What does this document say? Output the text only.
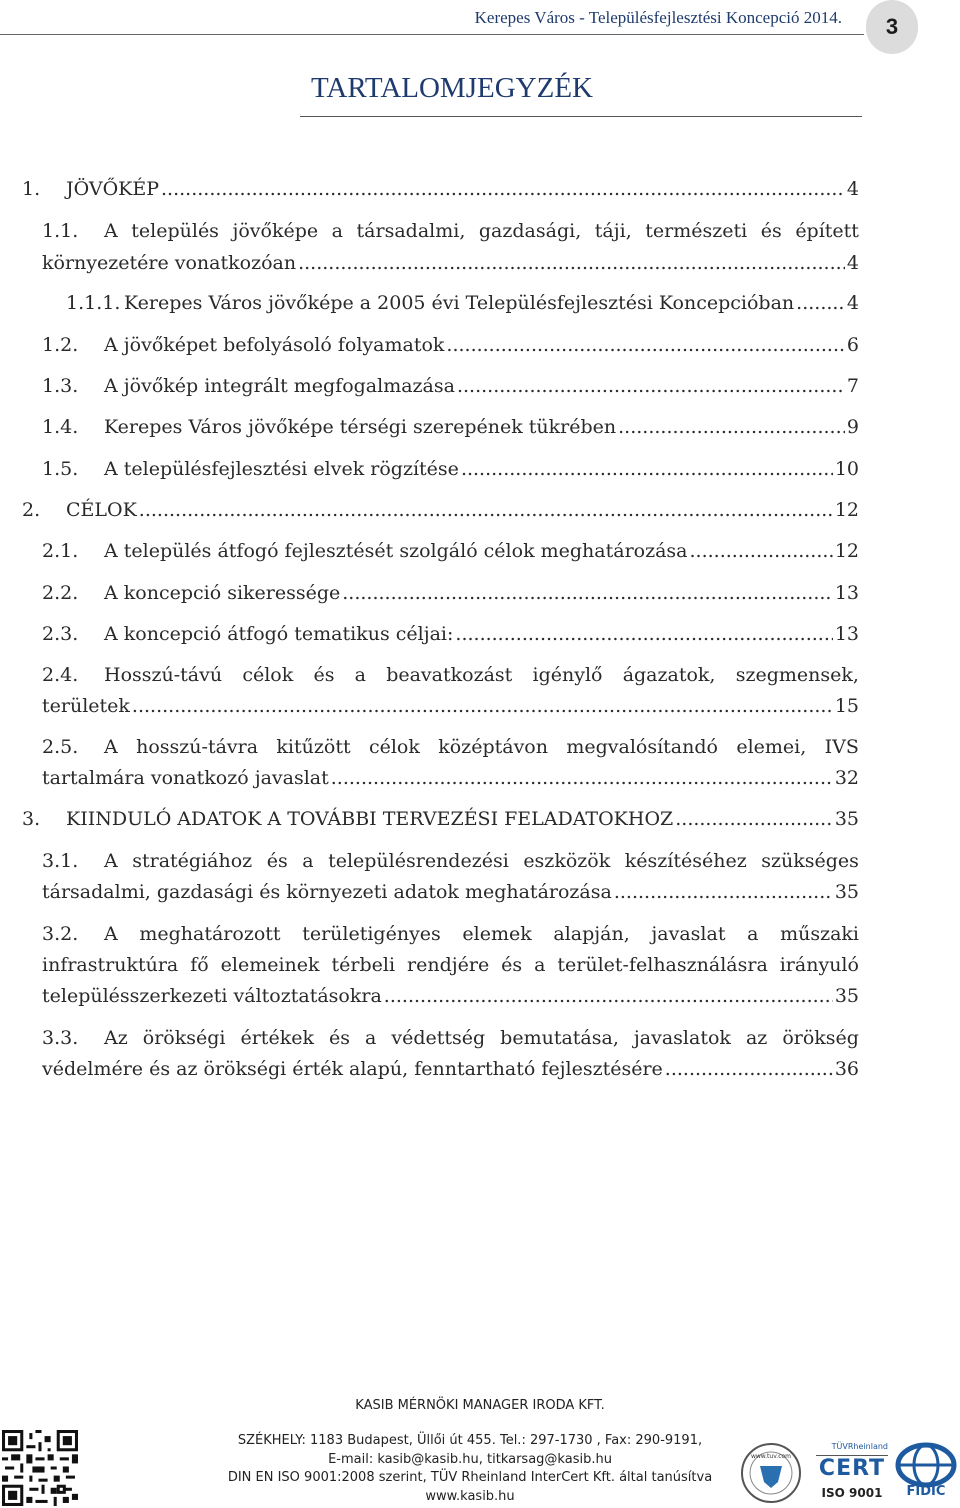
Kerepes Város - Településfejlesztési Koncepció 2014.	3
TARTALOMJEGYZÉK
1. JÖVŐKÉP .....	4
1.1. A település jövőképe a társadalmi, gazdasági, táji, természeti és épített
környezetére vonatkozóan .....	4
1.1.1. Kerepes Város jövőképe a 2005 évi Településfejlesztési Koncepcióban .....	4
1.2. A jövőképet befolyásoló folyamatok .....	6
1.3. A jövőkép integrált megfogalmazása .....	7
1.4. Kerepes Város jövőképe térségi szerepének tükrében .....	9
1.5. A településfejlesztési elvek rögzítése .....	10
2. CÉLOK .....	12
2.1. A település átfogó fejlesztését szolgáló célok meghatározása .....	12
2.2. A koncepció sikeressége .....	13
2.3. A koncepció átfogó tematikus céljai: .....	13
2.4. Hosszú-távú célok és a beavatkozást igénylő ágazatok, szegmensek,
területek .....	15
2.5. A hosszú-távra kitűzött célok középtávon megvalósítandó elemei, IVS
tartalmára vonatkozó javaslat .....	32
3. KIINDULÓ ADATOK A TOVÁBBI TERVEZÉSI FELADATOKHOZ .....	35
3.1. A stratégiához és a településrendezési eszközök készítéséhez szükséges
társadalmi, gazdasági és környezeti adatok meghatározása .....	35
3.2. A meghatározott területigényes elemek alapján, javaslat a műszaki
infrastruktúra fő elemeinek térbeli rendjére és a terület-felhasználásra irányuló
településszerkezeti változtatásokra .....	35
3.3. Az örökségi értékek és a védettség bemutatása, javaslatok az örökség
védelmére és az örökségi érték alapú, fenntartható fejlesztésére .....	36
KASIB MÉRNÖKI MANAGER IRODA KFT.
SZÉKHELY: 1183 Budapest, Üllői út 455. Tel.: 297-1730 , Fax: 290-9191,
E-mail: kasib@kasib.hu, titkarsag@kasib.hu
DIN EN ISO 9001:2008 szerint, TÜV Rheinland InterCert Kft. által tanúsítva
www.kasib.hu
www.tuv.com
TÜVRheinland
CERT
ISO 9001	FIDIC
